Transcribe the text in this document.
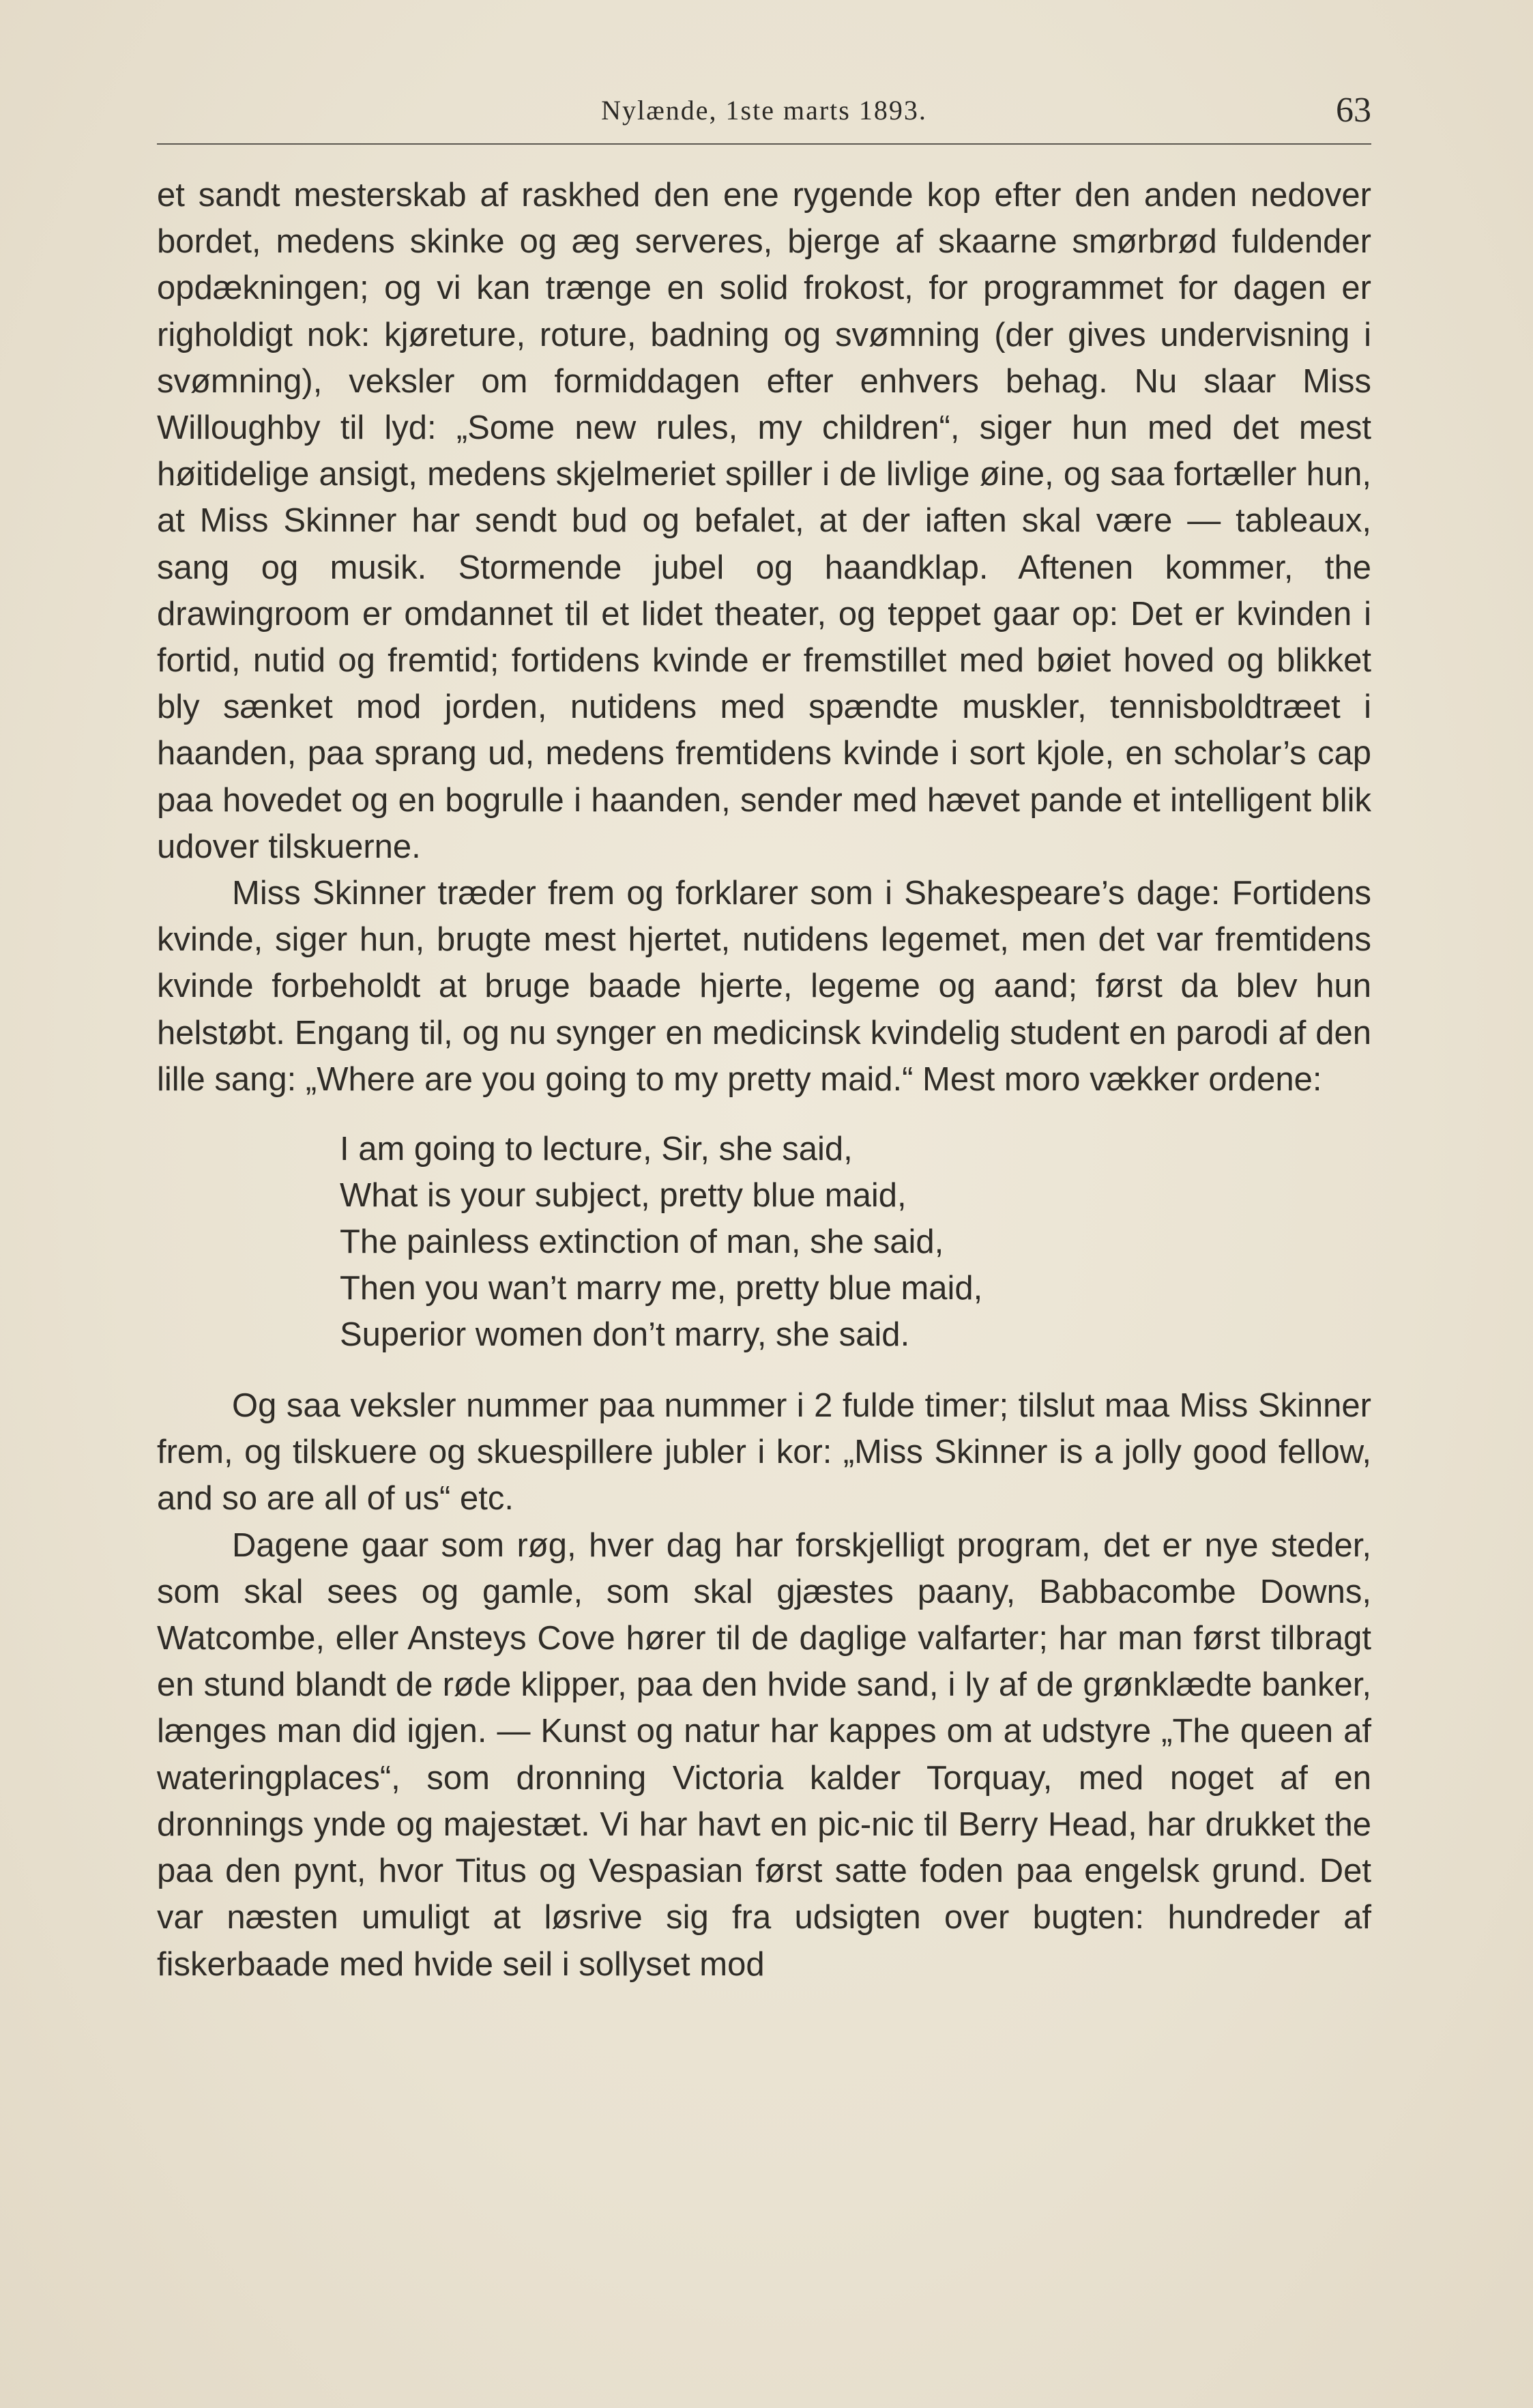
Nylænde, 1ste marts 1893.	63

et sandt mesterskab af raskhed den ene rygende kop efter den anden nedover bordet, medens skinke og æg serveres, bjerge af skaarne smørbrød fuldender opdækningen; og vi kan trænge en solid frokost, for programmet for dagen er righoldigt nok: kjøreture, roture, badning og svømning (der gives undervisning i svømning), veksler om formiddagen efter enhvers behag. Nu slaar Miss Willoughby til lyd: „Some new rules, my children“, siger hun med det mest høitidelige ansigt, medens skjelmeriet spiller i de livlige øine, og saa fortæller hun, at Miss Skinner har sendt bud og befalet, at der iaften skal være — tableaux, sang og musik. Stormende jubel og haandklap. Aftenen kommer, the drawingroom er omdannet til et lidet theater, og teppet gaar op: Det er kvinden i fortid, nutid og fremtid; fortidens kvinde er fremstillet med bøiet hoved og blikket bly sænket mod jorden, nutidens med spændte muskler, tennisboldtræet i haanden, paa sprang ud, medens fremtidens kvinde i sort kjole, en scholar’s cap paa hovedet og en bogrulle i haanden, sender med hævet pande et intelligent blik udover tilskuerne.

Miss Skinner træder frem og forklarer som i Shakespeare’s dage: Fortidens kvinde, siger hun, brugte mest hjertet, nutidens legemet, men det var fremtidens kvinde forbeholdt at bruge baade hjerte, legeme og aand; først da blev hun helstøbt. Engang til, og nu synger en medicinsk kvindelig student en parodi af den lille sang: „Where are you going to my pretty maid.“ Mest moro vækker ordene:

I am going to lecture, Sir, she said,
What is your subject, pretty blue maid,
The painless extinction of man, she said,
Then you wan’t marry me, pretty blue maid,
Superior women don’t marry, she said.

Og saa veksler nummer paa nummer i 2 fulde timer; tilslut maa Miss Skinner frem, og tilskuere og skuespillere jubler i kor: „Miss Skinner is a jolly good fellow, and so are all of us“ etc.

Dagene gaar som røg, hver dag har forskjelligt program, det er nye steder, som skal sees og gamle, som skal gjæstes paany, Babbacombe Downs, Watcombe, eller Ansteys Cove hører til de daglige valfarter; har man først tilbragt en stund blandt de røde klipper, paa den hvide sand, i ly af de grønklædte banker, længes man did igjen. — Kunst og natur har kappes om at udstyre „The queen af wateringplaces“, som dronning Victoria kalder Torquay, med noget af en dronnings ynde og majestæt. Vi har havt en pic-nic til Berry Head, har drukket the paa den pynt, hvor Titus og Vespasian først satte foden paa engelsk grund. Det var næsten umuligt at løsrive sig fra udsigten over bugten: hundreder af fiskerbaade med hvide seil i sollyset mod
